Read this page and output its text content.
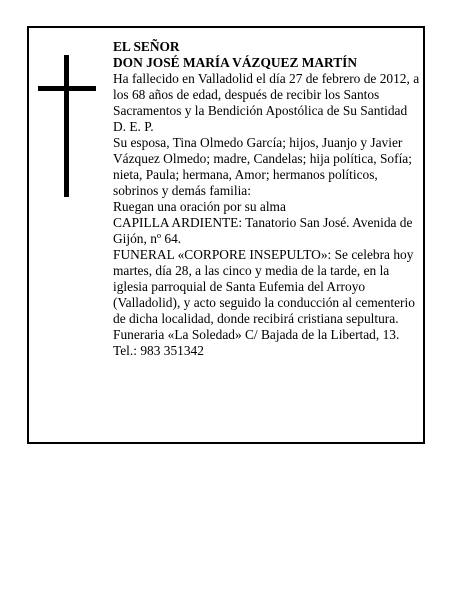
EL SEÑOR

DON JOSÉ MARÍA VÁZQUEZ MARTÍN

Ha fallecido en Valladolid el día 27 de febrero de 2012, a los 68 años de edad, después de recibir los Santos Sacramentos y la Bendición Apostólica de Su Santidad

D. E. P.

Su esposa, Tina Olmedo García; hijos, Juanjo y Javier Vázquez Olmedo; madre, Candelas; hija política, Sofía; nieta, Paula; hermana, Amor; hermanos políticos, sobrinos y demás familia:

Ruegan una oración por su alma

CAPILLA ARDIENTE: Tanatorio San José. Avenida de Gijón, nº 64.

FUNERAL «CORPORE INSEPULTO»: Se celebra hoy martes, día 28, a las cinco y media de la tarde, en la iglesia parroquial de Santa Eufemia del Arroyo (Valladolid), y acto seguido la conducción al cementerio de dicha localidad, donde recibirá cristiana sepultura.

Funeraria «La Soledad» C/ Bajada de la Libertad, 13.

Tel.: 983 351342
